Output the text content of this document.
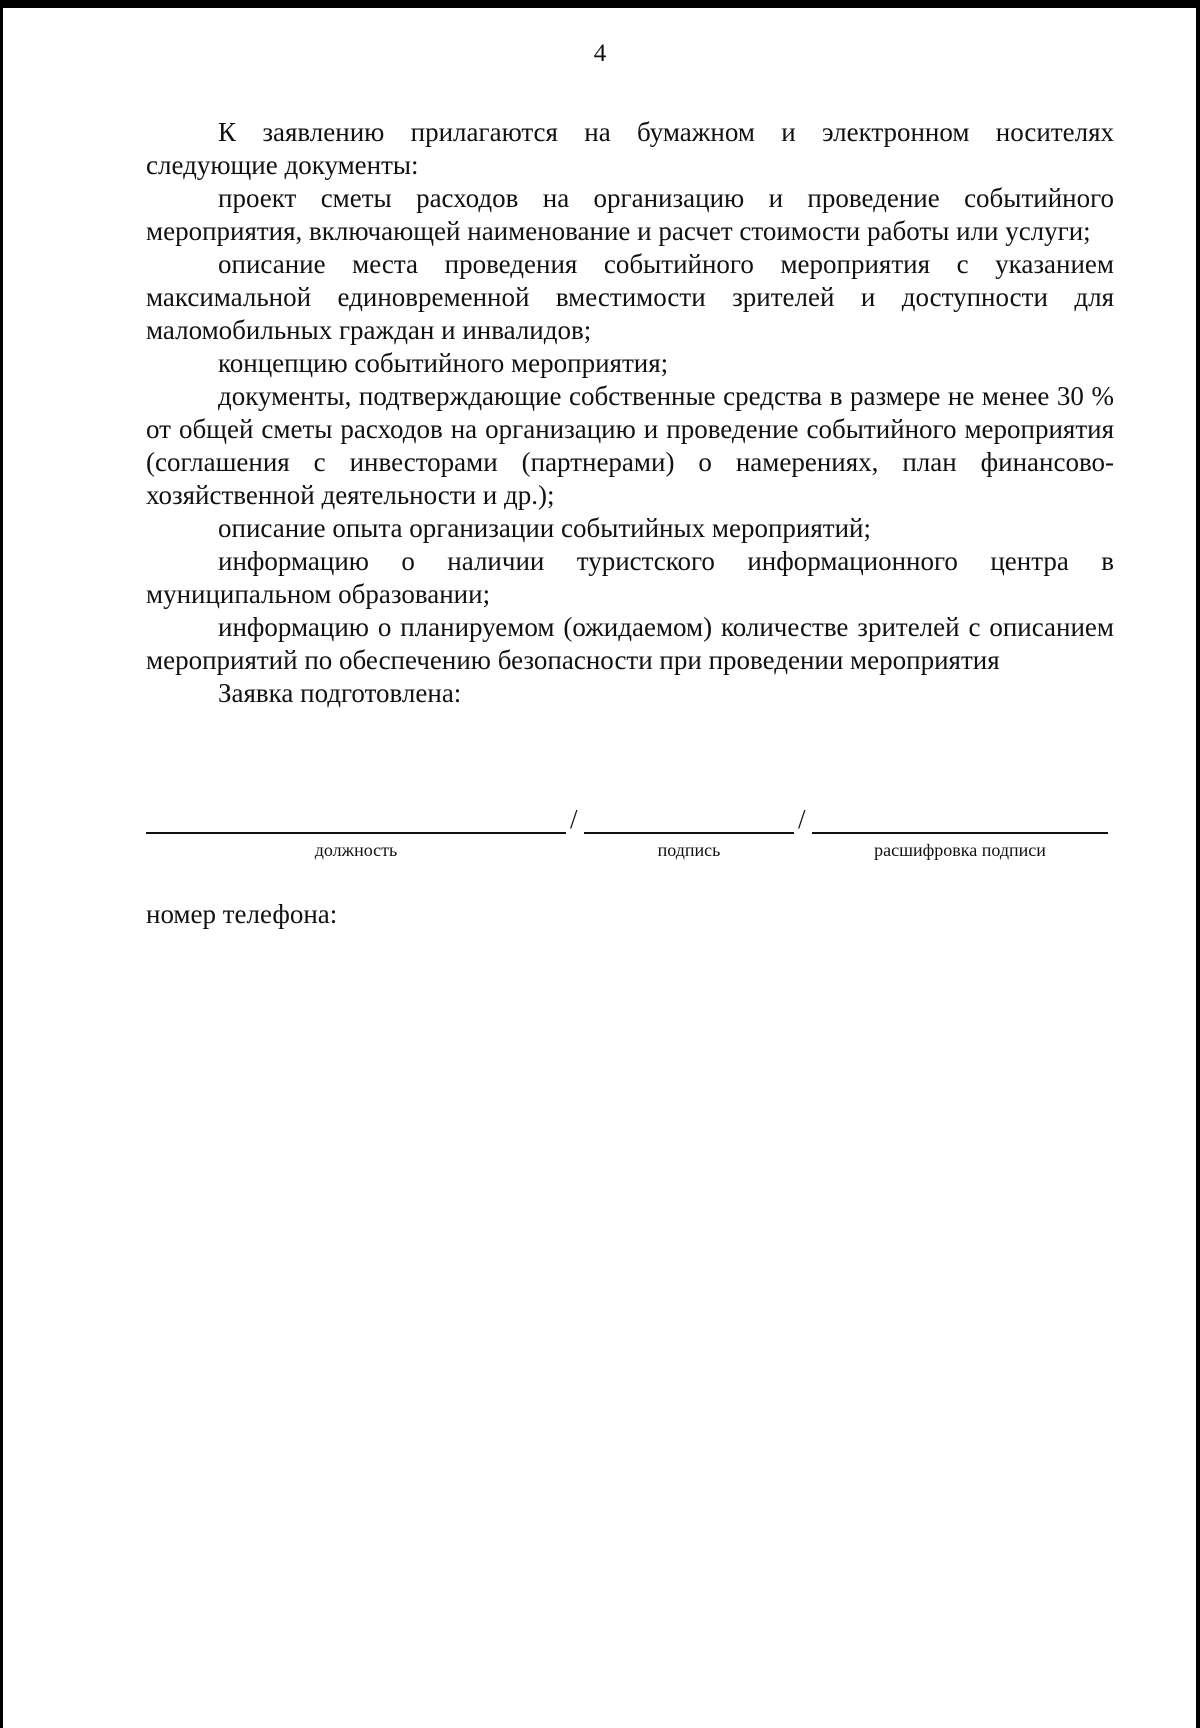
4

К заявлению прилагаются на бумажном и электронном носителях следующие документы:

проект сметы расходов на организацию и проведение событийного мероприятия, включающей наименование и расчет стоимости работы или услуги;

описание места проведения событийного мероприятия с указанием максимальной единовременной вместимости зрителей и доступности для маломобильных граждан и инвалидов;

концепцию событийного мероприятия;

документы, подтверждающие собственные средства в размере не менее 30 % от общей сметы расходов на организацию и проведение событийного мероприятия (соглашения с инвесторами (партнерами) о намерениях, план финансово-хозяйственной деятельности и др.);

описание опыта организации событийных мероприятий;

информацию о наличии туристского информационного центра в муниципальном образовании;

информацию о планируемом (ожидаемом) количестве зрителей с описанием мероприятий по обеспечению безопасности при проведении мероприятия

Заявка подготовлена:

/	/
должность	подпись	расшифровка подписи
номер телефона:
